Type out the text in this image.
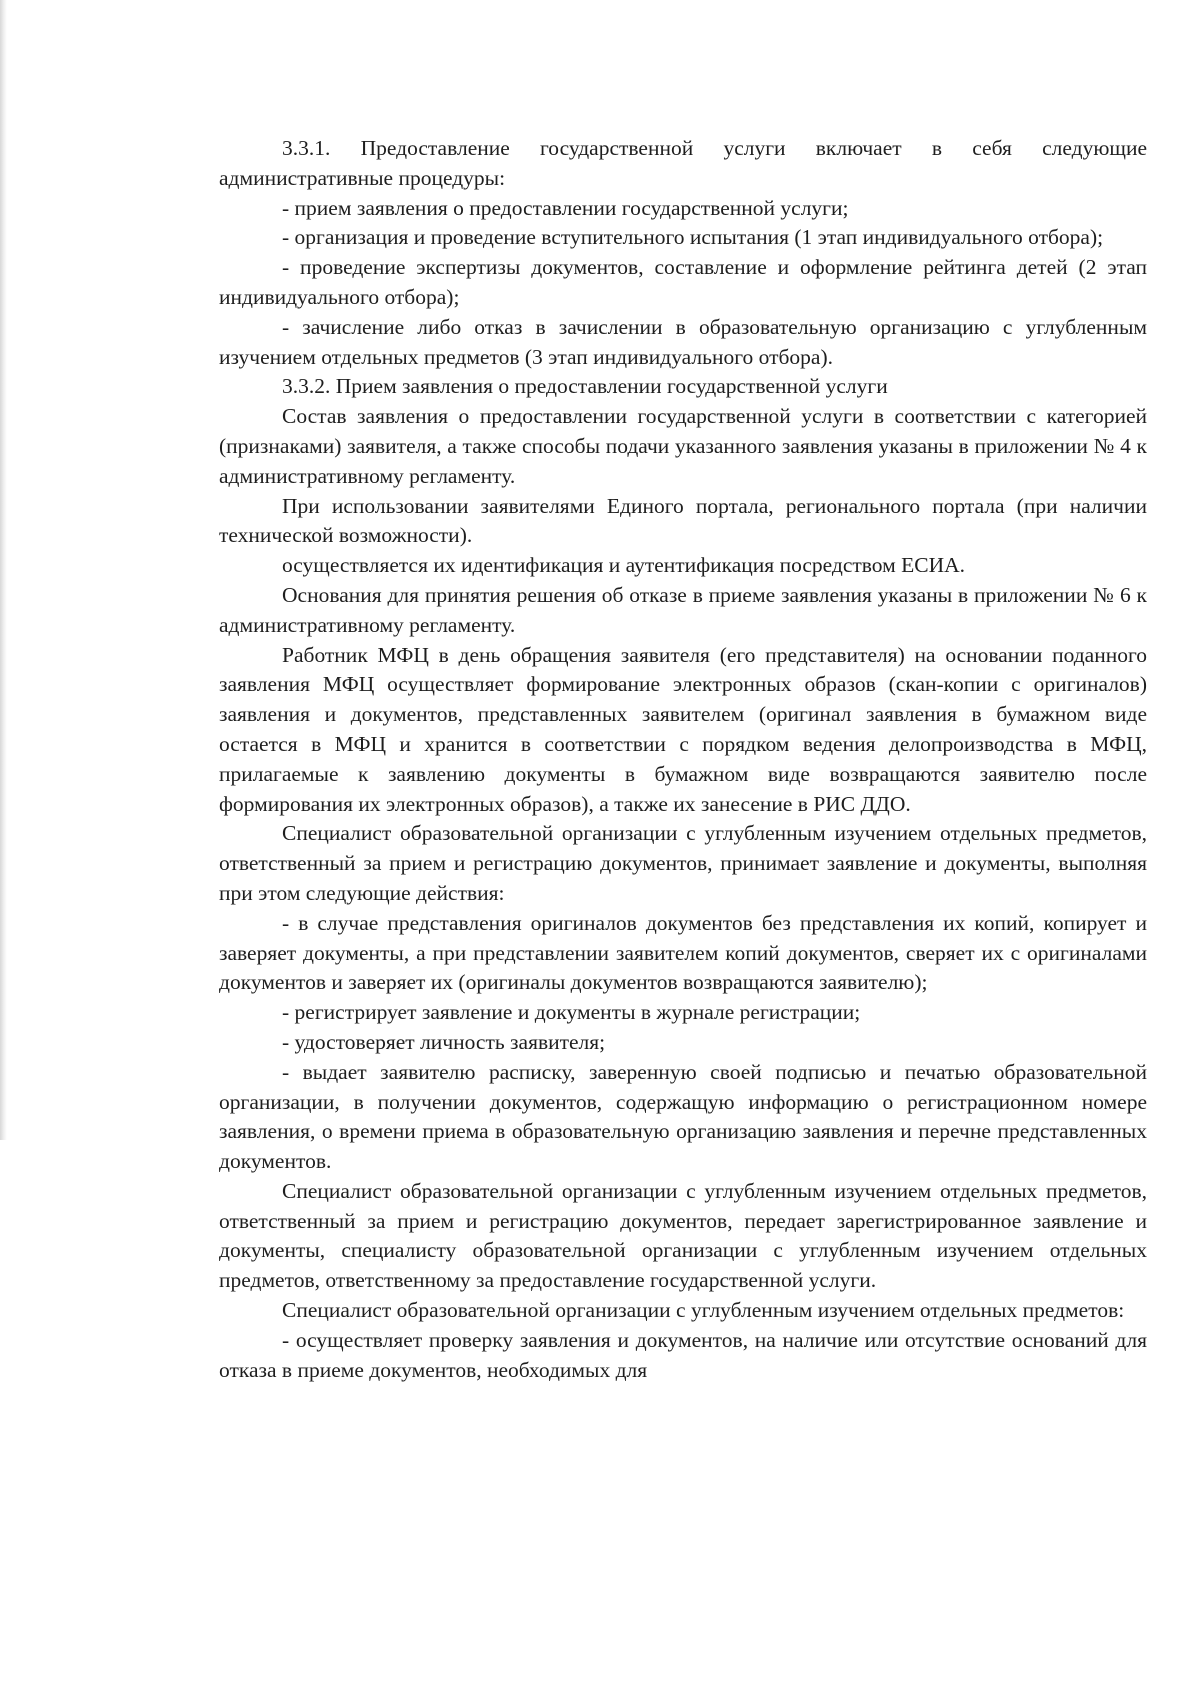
3.3.1. Предоставление государственной услуги включает в себя следующие административные процедуры:

- прием заявления о предоставлении государственной услуги;

- организация и проведение вступительного испытания (1 этап индивидуального отбора);

- проведение экспертизы документов, составление и оформление рейтинга детей (2 этап индивидуального отбора);

- зачисление либо отказ в зачислении в образовательную организацию с углубленным изучением отдельных предметов (3 этап индивидуального отбора).

3.3.2. Прием заявления о предоставлении государственной услуги

Состав заявления о предоставлении государственной услуги в соответствии с категорией (признаками) заявителя, а также способы подачи указанного заявления указаны в приложении № 4 к административному регламенту.

При использовании заявителями Единого портала, регионального портала (при наличии технической возможности).

осуществляется их идентификация и аутентификация посредством ЕСИА.

Основания для принятия решения об отказе в приеме заявления указаны в приложении № 6 к административному регламенту.

Работник МФЦ в день обращения заявителя (его представителя) на основании поданного заявления МФЦ осуществляет формирование электронных образов (скан-копии с оригиналов) заявления и документов, представленных заявителем (оригинал заявления в бумажном виде остается в МФЦ и хранится в соответствии с порядком ведения делопроизводства в МФЦ, прилагаемые к заявлению документы в бумажном виде возвращаются заявителю после формирования их электронных образов), а также их занесение в РИС ДДО.

Специалист образовательной организации с углубленным изучением отдельных предметов, ответственный за прием и регистрацию документов, принимает заявление и документы, выполняя при этом следующие действия:

- в случае представления оригиналов документов без представления их копий, копирует и заверяет документы, а при представлении заявителем копий документов, сверяет их с оригиналами документов и заверяет их (оригиналы документов возвращаются заявителю);

- регистрирует заявление и документы в журнале регистрации;

- удостоверяет личность заявителя;

- выдает заявителю расписку, заверенную своей подписью и печатью образовательной организации, в получении документов, содержащую информацию о регистрационном номере заявления, о времени приема в образовательную организацию заявления и перечне представленных документов.

Специалист образовательной организации с углубленным изучением отдельных предметов, ответственный за прием и регистрацию документов, передает зарегистрированное заявление и документы, специалисту образовательной организации с углубленным изучением отдельных предметов, ответственному за предоставление государственной услуги.

Специалист образовательной организации с углубленным изучением отдельных предметов:

- осуществляет проверку заявления и документов, на наличие или отсутствие оснований для отказа в приеме документов, необходимых для
